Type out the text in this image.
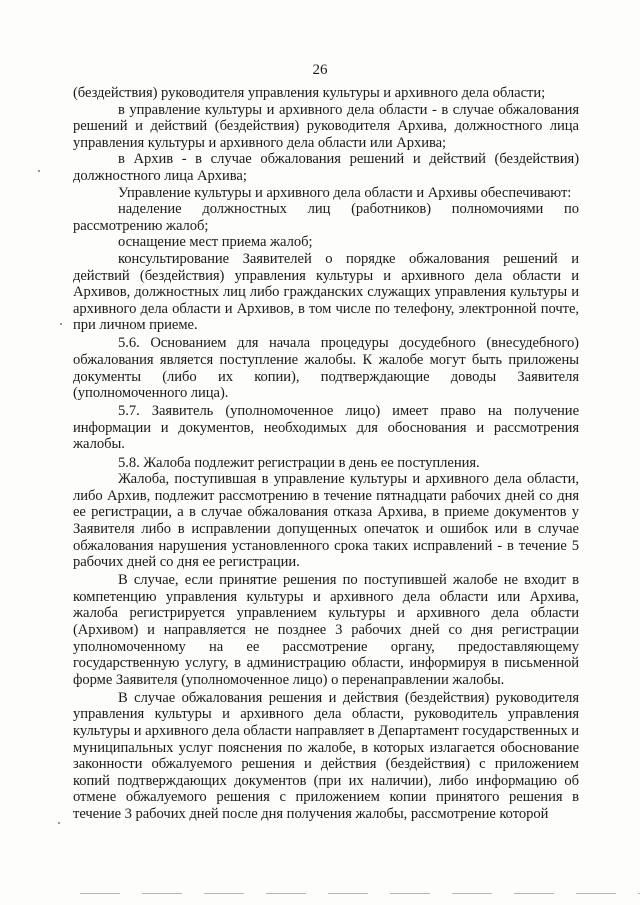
26

(бездействия) руководителя управления культуры и архивного дела области;

в управление культуры и архивного дела области - в случае обжалования решений и действий (бездействия) руководителя Архива, должностного лица управления культуры и архивного дела области или Архива;

в Архив - в случае обжалования решений и действий (бездействия) должностного лица Архива;

Управление культуры и архивного дела области и Архивы обеспечивают:

наделение должностных лиц (работников) полномочиями по рассмотрению жалоб;

оснащение мест приема жалоб;

консультирование Заявителей о порядке обжалования решений и действий (бездействия) управления культуры и архивного дела области и Архивов, должностных лиц либо гражданских служащих управления культуры и архивного дела области и Архивов, в том числе по телефону, электронной почте, при личном приеме.

5.6. Основанием для начала процедуры досудебного (внесудебного) обжалования является поступление жалобы. К жалобе могут быть приложены документы (либо их копии), подтверждающие доводы Заявителя (уполномоченного лица).

5.7. Заявитель (уполномоченное лицо) имеет право на получение информации и документов, необходимых для обоснования и рассмотрения жалобы.

5.8. Жалоба подлежит регистрации в день ее поступления.

Жалоба, поступившая в управление культуры и архивного дела области, либо Архив, подлежит рассмотрению в течение пятнадцати рабочих дней со дня ее регистрации, а в случае обжалования отказа Архива, в приеме документов у Заявителя либо в исправлении допущенных опечаток и ошибок или в случае обжалования нарушения установленного срока таких исправлений - в течение 5 рабочих дней со дня ее регистрации.

В случае, если принятие решения по поступившей жалобе не входит в компетенцию управления культуры и архивного дела области или Архива, жалоба регистрируется управлением культуры и архивного дела области (Архивом) и направляется не позднее 3 рабочих дней со дня регистрации уполномоченному на ее рассмотрение органу, предоставляющему государственную услугу, в администрацию области, информируя в письменной форме Заявителя (уполномоченное лицо) о перенаправлении жалобы.

В случае обжалования решения и действия (бездействия) руководителя управления культуры и архивного дела области, руководитель управления культуры и архивного дела области направляет в Департамент государственных и муниципальных услуг пояснения по жалобе, в которых излагается обоснование законности обжалуемого решения и действия (бездействия) с приложением копий подтверждающих документов (при их наличии), либо информацию об отмене обжалуемого решения с приложением копии принятого решения в течение 3 рабочих дней после дня получения жалобы, рассмотрение которой
